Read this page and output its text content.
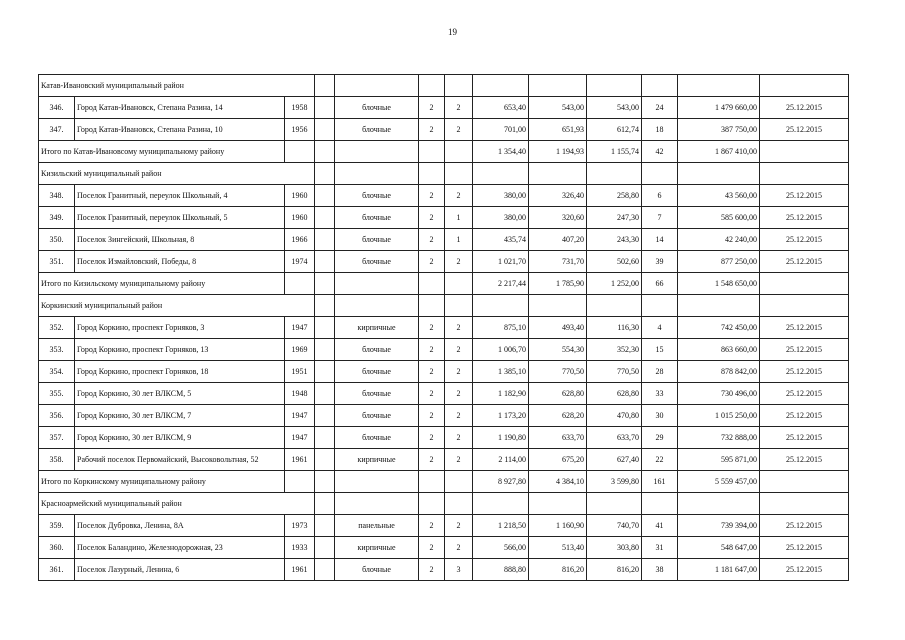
19
Катав-Ивановский муниципальный район												
346.	Город Катав-Ивановск, Степана Разина, 14	1958		блочные	2	2	653,40	543,00	543,00	24	1 479 660,00	25.12.2015
347.	Город Катав-Ивановск, Степана Разина, 10	1956		блочные	2	2	701,00	651,93	612,74	18	387 750,00	25.12.2015
Итого по Катав-Ивановсому муниципальному району							1 354,40	1 194,93	1 155,74	42	1 867 410,00	
Кизильский муниципальный район												
348.	Поселок Гранитный, переулок Школьный, 4	1960		блочные	2	2	380,00	326,40	258,80	6	43 560,00	25.12.2015
349.	Поселок Гранитный, переулок Школьный, 5	1960		блочные	2	1	380,00	320,60	247,30	7	585 600,00	25.12.2015
350.	Поселок Зингейский, Школьная, 8	1966		блочные	2	1	435,74	407,20	243,30	14	42 240,00	25.12.2015
351.	Поселок Измайловский, Победы, 8	1974		блочные	2	2	1 021,70	731,70	502,60	39	877 250,00	25.12.2015
Итого по Кизильскому муниципальному району							2 217,44	1 785,90	1 252,00	66	1 548 650,00	
Коркинский муниципальный район												
352.	Город Коркино, проспект Горняков, 3	1947		кирпичные	2	2	875,10	493,40	116,30	4	742 450,00	25.12.2015
353.	Город Коркино, проспект Горняков, 13	1969		блочные	2	2	1 006,70	554,30	352,30	15	863 660,00	25.12.2015
354.	Город Коркино, проспект Горняков, 18	1951		блочные	2	2	1 385,10	770,50	770,50	28	878 842,00	25.12.2015
355.	Город Коркино, 30 лет ВЛКСМ, 5	1948		блочные	2	2	1 182,90	628,80	628,80	33	730 496,00	25.12.2015
356.	Город Коркино, 30 лет ВЛКСМ, 7	1947		блочные	2	2	1 173,20	628,20	470,80	30	1 015 250,00	25.12.2015
357.	Город Коркино, 30 лет ВЛКСМ, 9	1947		блочные	2	2	1 190,80	633,70	633,70	29	732 888,00	25.12.2015
358.	Рабочий поселок Первомайский, Высоковольтная, 52	1961		кирпичные	2	2	2 114,00	675,20	627,40	22	595 871,00	25.12.2015
Итого по Коркинскому муниципальному району							8 927,80	4 384,10	3 599,80	161	5 559 457,00	
Красноармейский муниципальный район												
359.	Поселок Дубровка, Ленина, 8А	1973		панельные	2	2	1 218,50	1 160,90	740,70	41	739 394,00	25.12.2015
360.	Поселок Баландино, Железнодорожная, 23	1933		кирпичные	2	2	566,00	513,40	303,80	31	548 647,00	25.12.2015
361.	Поселок Лазурный, Ленина, 6	1961		блочные	2	3	888,80	816,20	816,20	38	1 181 647,00	25.12.2015
